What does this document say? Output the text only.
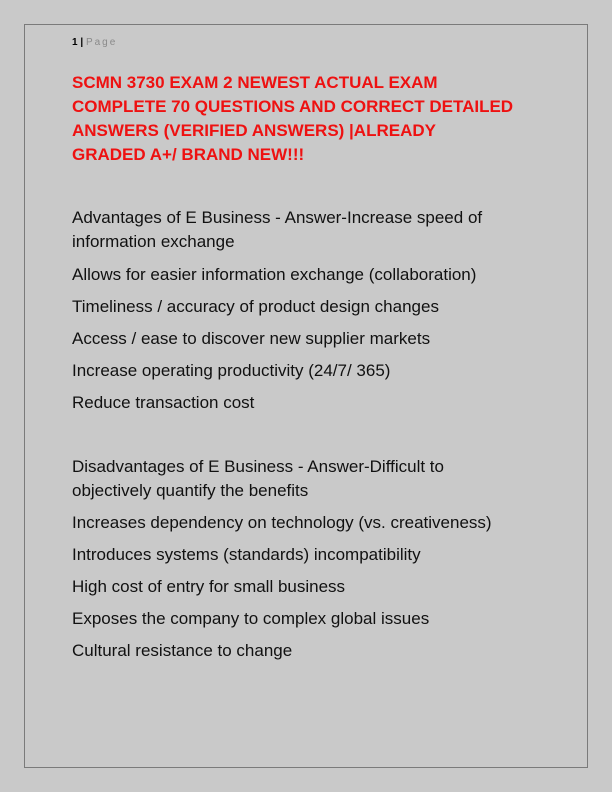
1 | Page
SCMN 3730 EXAM 2 NEWEST ACTUAL EXAM
COMPLETE 70 QUESTIONS AND CORRECT DETAILED
ANSWERS (VERIFIED ANSWERS) |ALREADY
GRADED A+/ BRAND NEW!!!

Advantages of E Business - Answer-Increase speed of
information exchange

Allows for easier information exchange (collaboration)

Timeliness / accuracy of product design changes

Access / ease to discover new supplier markets

Increase operating productivity (24/7/ 365)

Reduce transaction cost

Disadvantages of E Business - Answer-Difficult to
objectively quantify the benefits

Increases dependency on technology (vs. creativeness)

Introduces systems (standards) incompatibility

High cost of entry for small business

Exposes the company to complex global issues

Cultural resistance to change
